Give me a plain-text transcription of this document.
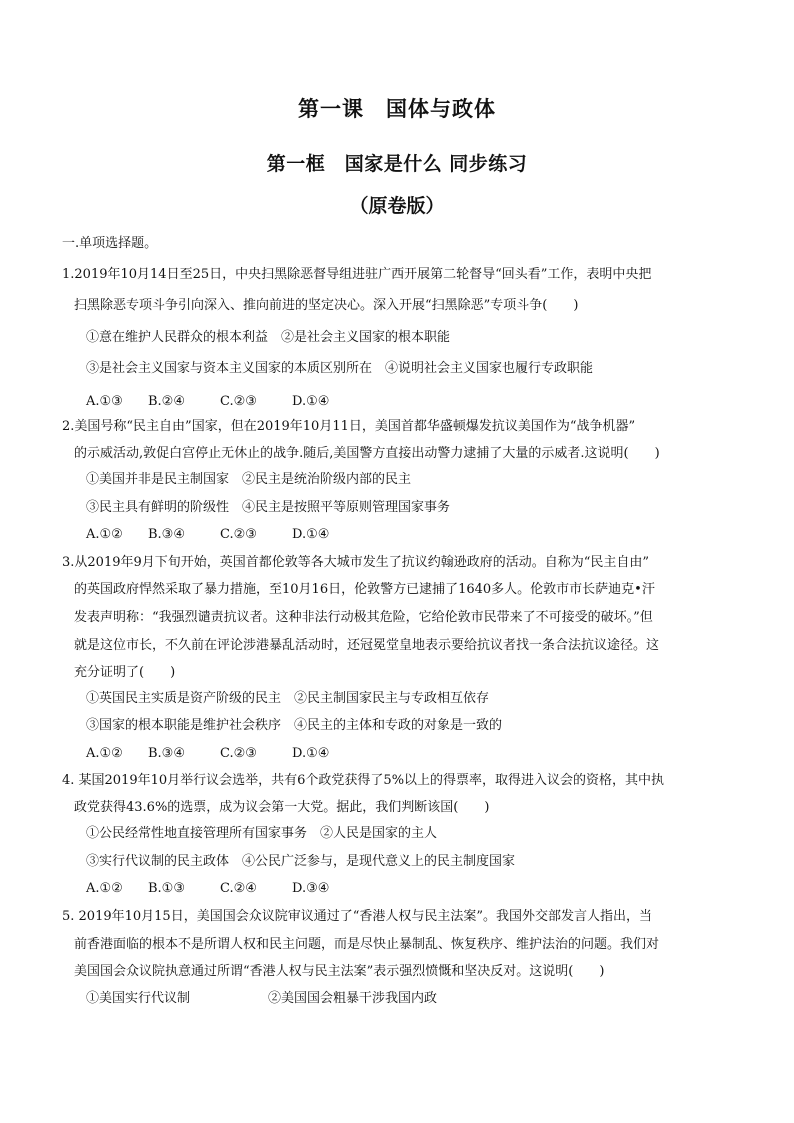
第一课　国体与政体
第一框　国家是什么 同步练习
（原卷版）
一.单项选择题。
1.2019年10月14日至25日，中央扫黑除恶督导组进驻广西开展第二轮督导“回头看”工作，表明中央把
扫黑除恶专项斗争引向深入、推向前进的坚定决心。深入开展“扫黑除恶”专项斗争(　　)
①意在维护人民群众的根本利益　②是社会主义国家的根本职能
③是社会主义国家与资本主义国家的本质区别所在　④说明社会主义国家也履行专政职能
A.①③ B.②④	C.②③	D.①④
2.美国号称“民主自由”国家，但在2019年10月11日，美国首都华盛顿爆发抗议美国作为“战争机器”
的示威活动,敦促白宫停止无休止的战争.随后,美国警方直接出动警力逮捕了大量的示威者.这说明(　　)
①美国并非是民主制国家　②民主是统治阶级内部的民主
③民主具有鲜明的阶级性　④民主是按照平等原则管理国家事务
A.①② B.③④	C.②③	D.①④
3.从2019年9月下旬开始，英国首都伦敦等各大城市发生了抗议约翰逊政府的活动。自称为“民主自由”
的英国政府悍然采取了暴力措施，至10月16日，伦敦警方已逮捕了1640多人。伦敦市市长萨迪克•汗
发表声明称：“我强烈谴责抗议者。这种非法行动极其危险，它给伦敦市民带来了不可接受的破坏。”但
就是这位市长，不久前在评论涉港暴乱活动时，还冠冕堂皇地表示要给抗议者找一条合法抗议途径。这
充分证明了(　　)
①英国民主实质是资产阶级的民主　②民主制国家民主与专政相互依存
③国家的根本职能是维护社会秩序　④民主的主体和专政的对象是一致的
A.①② B.③④	C.②③	D.①④
4. 某国2019年10月举行议会选举，共有6个政党获得了5%以上的得票率，取得进入议会的资格，其中执
政党获得43.6%的选票，成为议会第一大党。据此，我们判断该国(　　)
①公民经常性地直接管理所有国家事务　②人民是国家的主人
③实行代议制的民主政体　④公民广泛参与，是现代意义上的民主制度国家
A.①② B.①③	C.②④	D.③④
5. 2019年10月15日，美国国会众议院审议通过了“香港人权与民主法案”。我国外交部发言人指出，当
前香港面临的根本不是所谓人权和民主问题，而是尽快止暴制乱、恢复秩序、维护法治的问题。我们对
美国国会众议院执意通过所谓“香港人权与民主法案”表示强烈愤慨和坚决反对。这说明(　　)
①美国实行代议制	②美国国会粗暴干涉我国内政
